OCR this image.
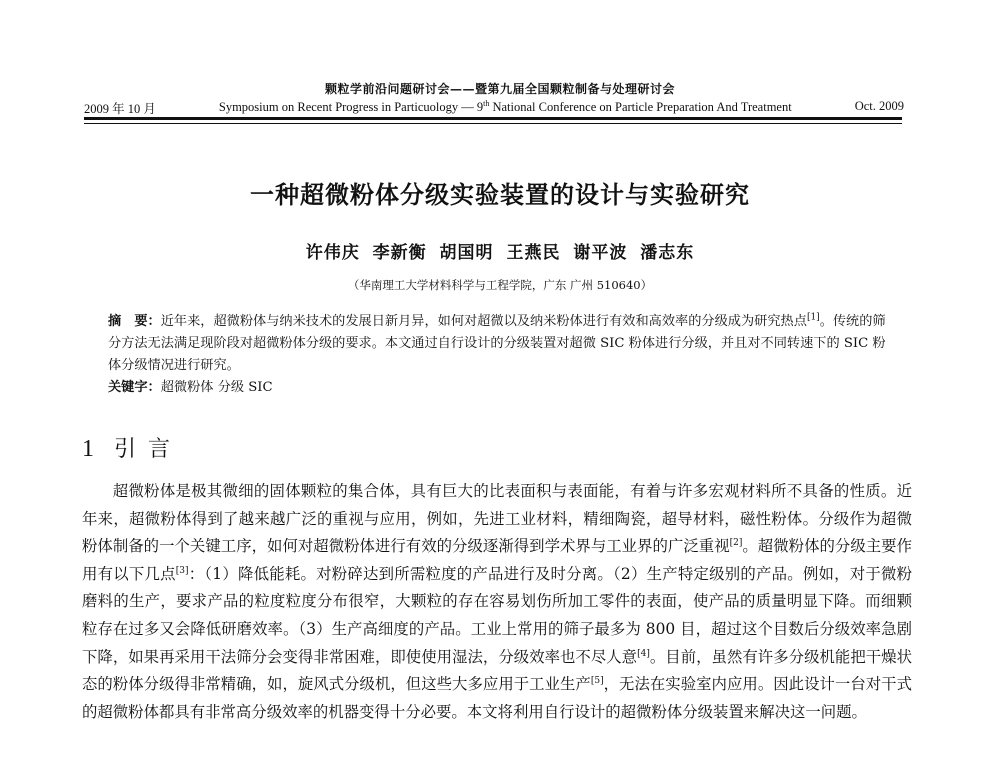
颗粒学前沿问题研讨会——暨第九届全国颗粒制备与处理研讨会
2009 年 10 月	Symposium on Recent Progress in Particuology — 9th National Conference on Particle Preparation And Treatment	Oct. 2009
一种超微粉体分级实验装置的设计与实验研究
许伟庆 李新衡 胡国明 王燕民 谢平波 潘志东
（华南理工大学材料科学与工程学院，广东 广州 510640）

摘　要：近年来，超微粉体与纳米技术的发展日新月异，如何对超微以及纳米粉体进行有效和高效率的分级成为研究热点[1]。传统的筛分方法无法满足现阶段对超微粉体分级的要求。本文通过自行设计的分级装置对超微 SIC 粉体进行分级，并且对不同转速下的 SIC 粉体分级情况进行研究。

关键字：超微粉体 分级 SIC

1 引言

超微粉体是极其微细的固体颗粒的集合体，具有巨大的比表面积与表面能，有着与许多宏观材料所不具备的性质。近年来，超微粉体得到了越来越广泛的重视与应用，例如，先进工业材料，精细陶瓷，超导材料，磁性粉体。分级作为超微粉体制备的一个关键工序，如何对超微粉体进行有效的分级逐渐得到学术界与工业界的广泛重视[2]。超微粉体的分级主要作用有以下几点[3]：（1）降低能耗。对粉碎达到所需粒度的产品进行及时分离。（2）生产特定级别的产品。例如，对于微粉磨料的生产，要求产品的粒度粒度分布很窄，大颗粒的存在容易划伤所加工零件的表面，使产品的质量明显下降。而细颗粒存在过多又会降低研磨效率。（3）生产高细度的产品。工业上常用的筛子最多为 800 目，超过这个目数后分级效率急剧下降，如果再采用干法筛分会变得非常困难，即使使用湿法，分级效率也不尽人意[4]。目前，虽然有许多分级机能把干燥状态的粉体分级得非常精确，如，旋风式分级机，但这些大多应用于工业生产[5]，无法在实验室内应用。因此设计一台对干式的超微粉体都具有非常高分级效率的机器变得十分必要。本文将利用自行设计的超微粉体分级装置来解决这一问题。
